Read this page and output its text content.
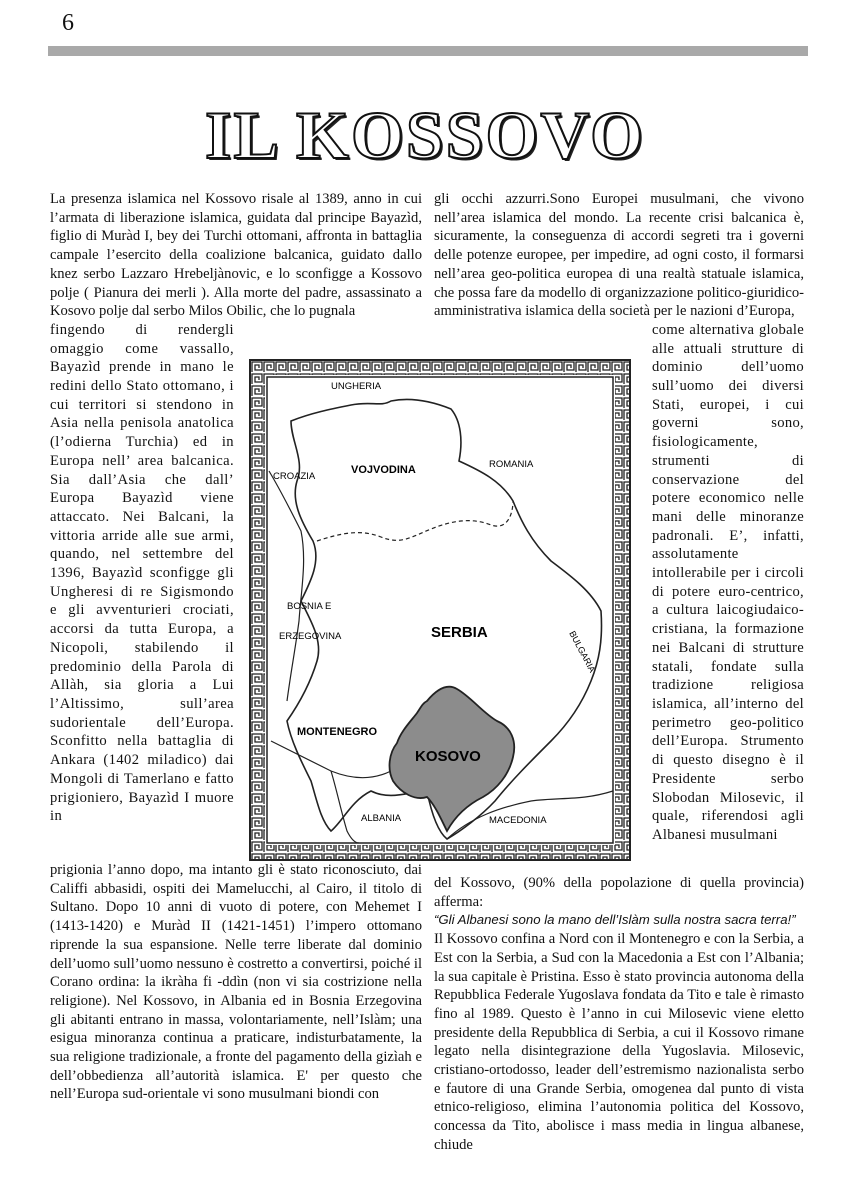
6
IL KOSSOVO

La presenza islamica nel Kossovo risale al 1389, anno in cui l’armata di liberazione islamica, guidata dal principe Bayazìd, figlio di Muràd I, bey dei Turchi ottomani, affronta in battaglia campale l’esercito della coalizione balcanica, guidato dallo knez serbo Lazzaro Hrebeljànovic, e lo sconfigge a Kossovo polje ( Pianura dei merli ). Alla morte del padre, assassinato a Kosovo polje dal serbo Milos Obilic, che lo pugnala

fingendo di rendergli omaggio come vassallo, Bayazìd prende in mano le redini dello Stato ottomano, i cui territori si stendono in Asia nella penisola anatolica (l’odierna Turchia) ed in Europa nell’ area balcanica. Sia dall’Asia che dall’ Europa Bayazìd viene attaccato. Nei Balcani, la vittoria arride alle sue armi, quando, nel settembre del 1396, Bayazìd sconfigge gli Ungheresi di re Sigismondo e gli avventurieri crociati, accorsi da tutta Europa, a Nicopoli, stabilendo il predominio della Parola di Allàh, sia gloria a Lui l’Altissimo, sull’area sudorientale dell’Europa. Sconfitto nella battaglia di Ankara (1402 miladico) dai Mongoli di Tamerlano e fatto prigioniero, Bayazìd I muore in

prigionia l’anno dopo, ma intanto gli è stato riconosciuto, dai Califfi abbasidi, ospiti dei Mamelucchi, al Cairo, il titolo di Sultano. Dopo 10 anni di vuoto di potere, con Mehemet I (1413-1420) e Muràd II (1421-1451) l’impero ottomano riprende la sua espansione. Nelle terre liberate dal dominio dell’uomo sull’uomo nessuno è costretto a convertirsi, poiché il Corano ordina: la ikràha fi -ddìn (non vi sia costrizione nella religione). Nel Kossovo, in Albania ed in Bosnia Erzegovina gli abitanti entrano in massa, volontariamente, nell’Islàm; una esigua minoranza continua a praticare, indisturbatamente, la sua religione tradizionale, a fronte del pagamento della gizìah e dell’obbedienza all’autorità islamica. E' per questo che nell’Europa sud-orientale vi sono musulmani biondi con

gli occhi azzurri.Sono Europei musulmani, che vivono nell’area islamica del mondo. La recente crisi balcanica è, sicuramente, la conseguenza di accordi segreti tra i governi delle potenze europee, per impedire, ad ogni costo, il formarsi nell’area geo-politica europea di una realtà statuale islamica, che possa fare da modello di organizzazione politico-giuridico-amministrativa islamica della società per le nazioni d’Europa,

come alternativa globale alle attuali strutture di dominio dell’uomo sull’uomo dei diversi Stati, europei, i cui governi sono, fisiologicamente, strumenti di conservazione del potere economico nelle mani delle minoranze padronali. E’, infatti, assolutamente intollerabile per i circoli di potere euro-centrico, a cultura laicogiudaico-cristiana, la formazione nei Balcani di strutture statali, fondate sulla tradizione religiosa islamica, all’interno del perimetro geo-politico dell’Europa. Strumento di questo disegno è il Presidente serbo Slobodan Milosevic, il quale, riferendosi agli Albanesi musulmani

del Kossovo, (90% della popolazione di quella provincia) afferma:

“Gli Albanesi sono la mano dell’Islàm sulla nostra sacra terra!”

Il Kossovo confina a Nord con il Montenegro e con la Serbia, a Est con la Serbia, a Sud con la Macedonia a Est con l’Albania; la sua capitale è Pristina. Esso è stato provincia autonoma della Repubblica Federale Yugoslava fondata da Tito e tale è rimasto fino al 1989. Questo è l’anno in cui Milosevic viene eletto presidente della Repubblica di Serbia, a cui il Kossovo rimane legato nella disintegrazione della Yugoslavia. Milosevic, cristiano-ortodosso, leader dell’estremismo nazionalista serbo e fautore di una Grande Serbia, omogenea dal punto di vista etnico-religioso, elimina l’autonomia politica del Kossovo, concessa da Tito, abolisce i mass media in lingua albanese, chiude

UNGHERIA
VOJVODINA
CROAZIA
ROMANIA
BOSNIA E
ERZEGOVINA	SERBIA	BULGARIA
MONTENEGRO
KOSOVO
ALBANIA	MACEDONIA
